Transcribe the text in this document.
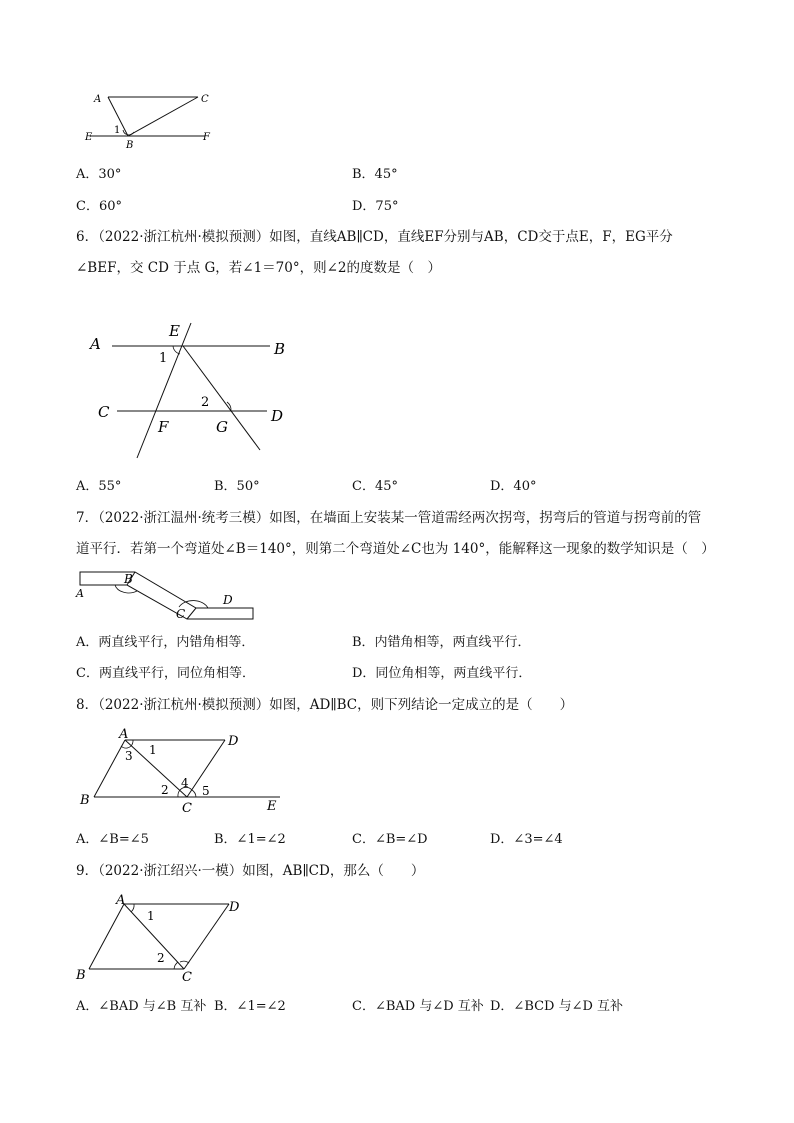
A	C
E
B
F
1
A．30°	B．45°
C．60°	D．75°
6．（2022·浙江杭州·模拟预测）如图，直线AB∥CD，直线EF分别与AB，CD交于点E，F，EG平分
∠BEF，交 CD 于点 G，若∠1＝70°，则∠2的度数是（　）
A
E
B
C	D
F	G
1
2
A．55°	B．50°	C．45°	D．40°
7．（2022·浙江温州·统考三模）如图，在墙面上安装某一管道需经两次拐弯，拐弯后的管道与拐弯前的管
道平行．若第一个弯道处∠B＝140°，则第二个弯道处∠C也为 140°，能解释这一现象的数学知识是（　）
A
B
C
D
A．两直线平行，内错角相等．	B．内错角相等，两直线平行．
C．两直线平行，同位角相等．	D．同位角相等，两直线平行．
8．（2022·浙江杭州·模拟预测）如图，AD∥BC，则下列结论一定成立的是（　　）
A	D
B
C	E
1
3
2 4
5
A．∠B=∠5	B．∠1=∠2	C．∠B=∠D	D．∠3=∠4
9．（2022·浙江绍兴·一模）如图，AB∥CD，那么（　　）
A	D
B	C
1
2
A．∠BAD 与∠B 互补 B．∠1=∠2	C．∠BAD 与∠D 互补 D．∠BCD 与∠D 互补
